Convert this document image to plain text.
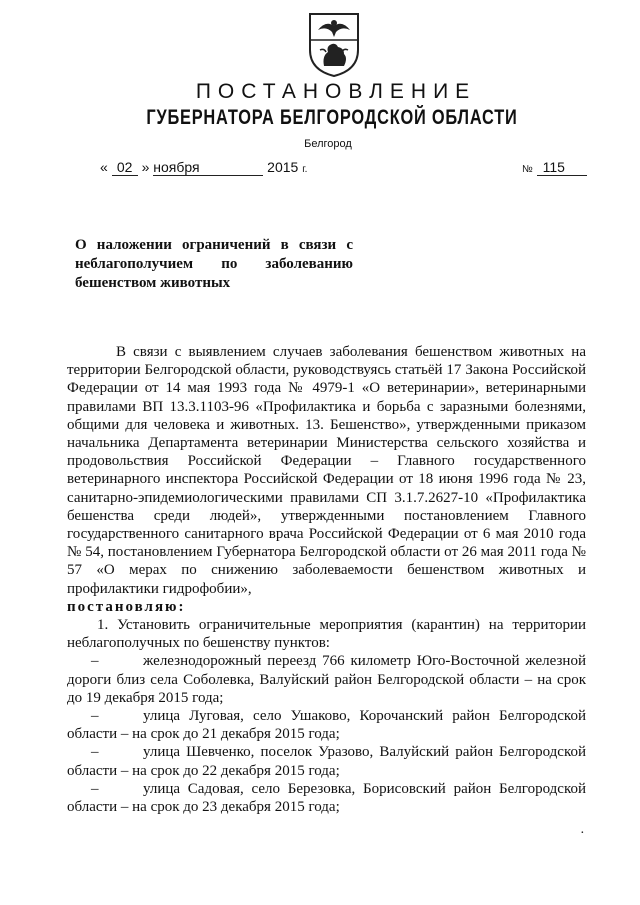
ПОСТАНОВЛЕНИЕ
ГУБЕРНАТОРА БЕЛГОРОДСКОЙ ОБЛАСТИ
Белгород
« 02 » ноября	2015 г.	№ 115

О наложении ограничений в связи с неблагополучием по заболеванию бешенством животных

В связи с выявлением случаев заболевания бешенством животных на территории Белгородской области, руководствуясь статьёй 17 Закона Российской Федерации от 14 мая 1993 года № 4979-1 «О ветеринарии», ветеринарными правилами ВП 13.3.1103-96 «Профилактика и борьба с заразными болезнями, общими для человека и животных. 13. Бешенство», утвержденными приказом начальника Департамента ветеринарии Министерства сельского хозяйства и продовольствия Российской Федерации – Главного государственного ветеринарного инспектора Российской Федерации от 18 июня 1996 года № 23, санитарно-эпидемиологическими правилами СП 3.1.7.2627-10 «Профилактика бешенства среди людей», утвержденными постановлением Главного государственного санитарного врача Российской Федерации от 6 мая 2010 года № 54, постановлением Губернатора Белгородской области от 26 мая 2011 года № 57 «О мерах по снижению заболеваемости бешенством животных и профилактики гидрофобии»,

постановляю:

1. Установить ограничительные мероприятия (карантин) на территории неблагополучных по бешенству пунктов:

–	железнодорожный переезд 766 километр Юго-Восточной железной дороги близ села Соболевка, Валуйский район Белгородской области – на срок до 19 декабря 2015 года;

–	улица Луговая, село Ушаково, Корочанский район Белгородской области – на срок до 21 декабря 2015 года;

–	улица Шевченко, поселок Уразово, Валуйский район Белгородской области – на срок до 22 декабря 2015 года;

–	улица Садовая, село Березовка, Борисовский район Белгородской области – на срок до 23 декабря 2015 года;

·
